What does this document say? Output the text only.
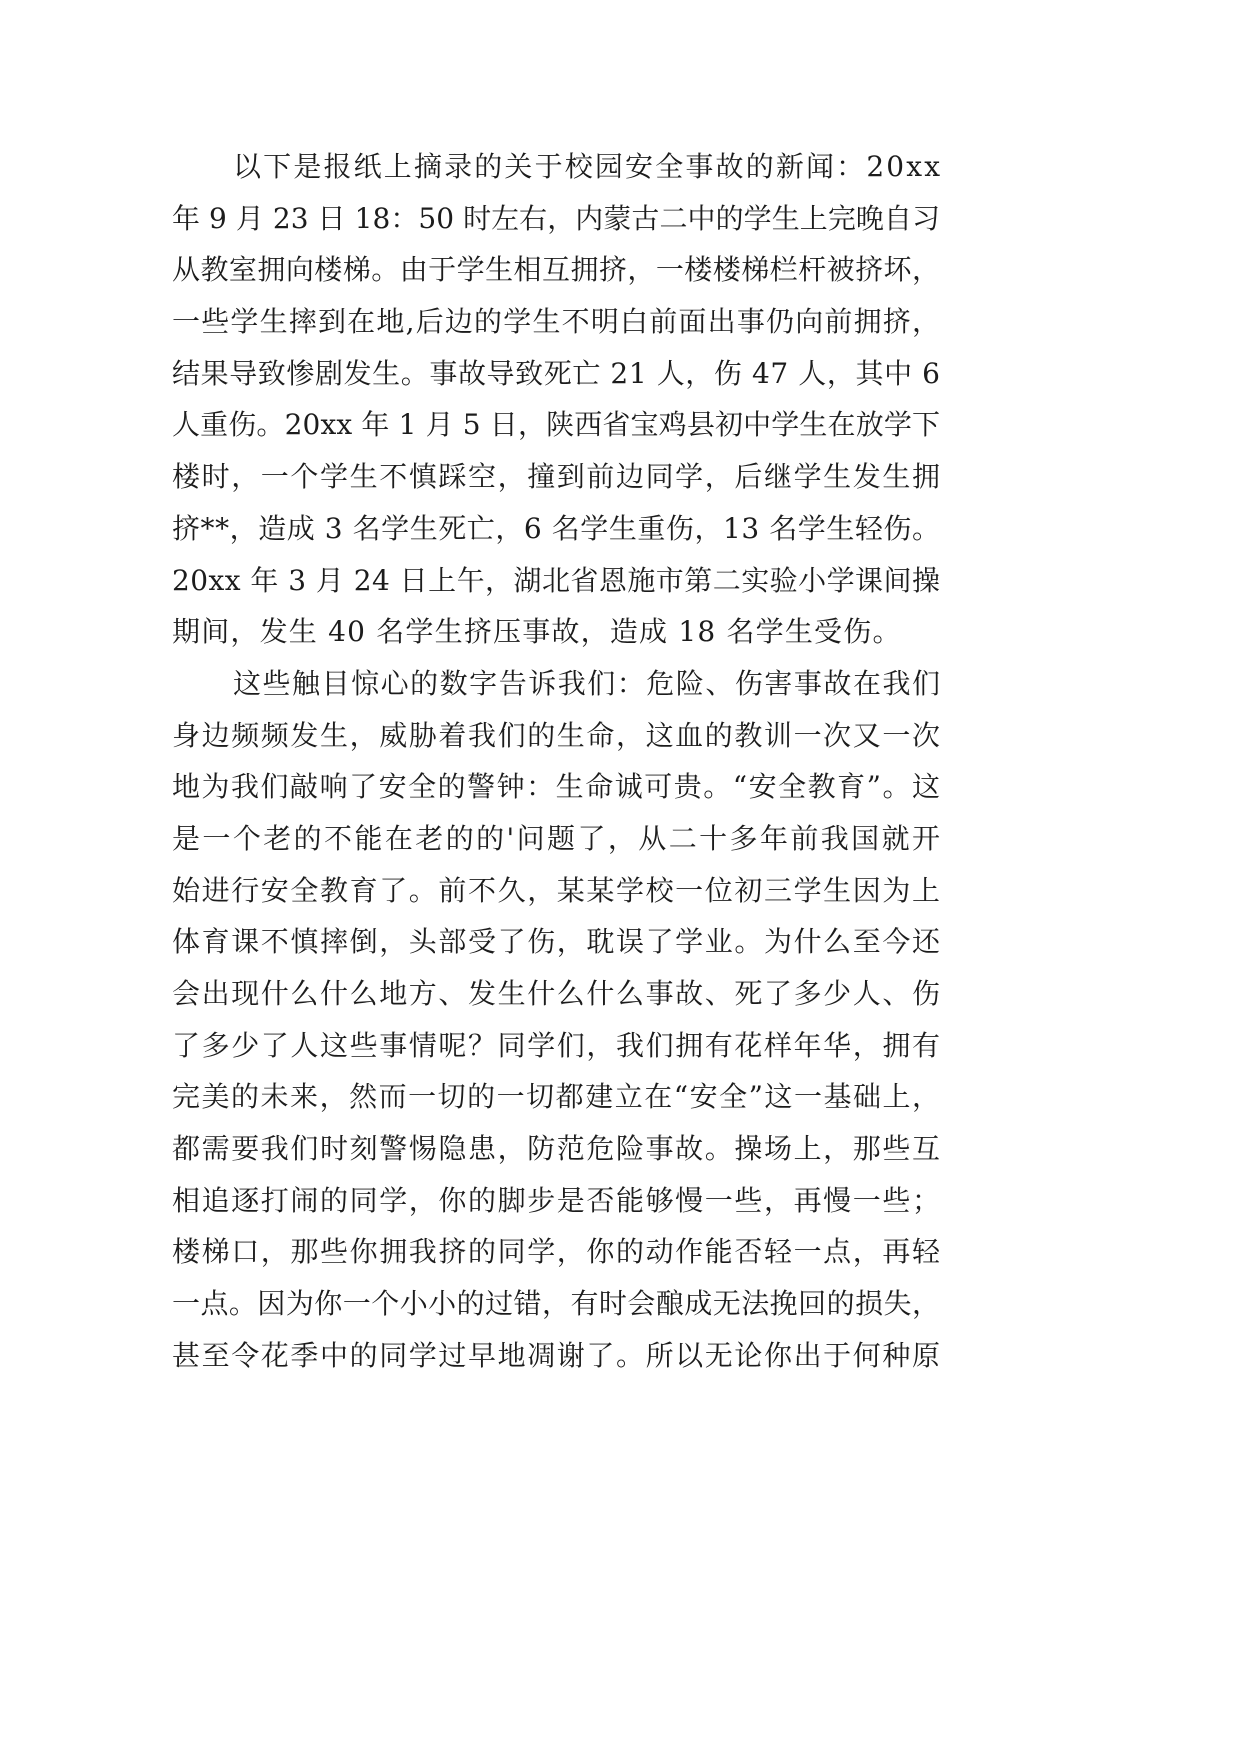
以下是报纸上摘录的关于校园安全事故的新闻：20xx
年 9 月 23 日 18：50 时左右，内蒙古二中的学生上完晚自习
从教室拥向楼梯。由于学生相互拥挤，一楼楼梯栏杆被挤坏，
一些学生摔到在地,后边的学生不明白前面出事仍向前拥挤，
结果导致惨剧发生。事故导致死亡 21 人，伤 47 人，其中 6
人重伤。20xx 年 1 月 5 日，陕西省宝鸡县初中学生在放学下
楼时，一个学生不慎踩空，撞到前边同学，后继学生发生拥
挤**，造成 3 名学生死亡，6 名学生重伤，13 名学生轻伤。
20xx 年 3 月 24 日上午，湖北省恩施市第二实验小学课间操
期间，发生 40 名学生挤压事故，造成 18 名学生受伤。
这些触目惊心的数字告诉我们：危险、伤害事故在我们
身边频频发生，威胁着我们的生命，这血的教训一次又一次
地为我们敲响了安全的警钟：生命诚可贵。“安全教育”。这
是一个老的不能在老的的'问题了，从二十多年前我国就开
始进行安全教育了。前不久，某某学校一位初三学生因为上
体育课不慎摔倒，头部受了伤，耽误了学业。为什么至今还
会出现什么什么地方、发生什么什么事故、死了多少人、伤
了多少了人这些事情呢？同学们，我们拥有花样年华，拥有
完美的未来，然而一切的一切都建立在“安全”这一基础上，
都需要我们时刻警惕隐患，防范危险事故。操场上，那些互
相追逐打闹的同学，你的脚步是否能够慢一些，再慢一些；
楼梯口，那些你拥我挤的同学，你的动作能否轻一点，再轻
一点。因为你一个小小的过错，有时会酿成无法挽回的损失，
甚至令花季中的同学过早地凋谢了。所以无论你出于何种原
